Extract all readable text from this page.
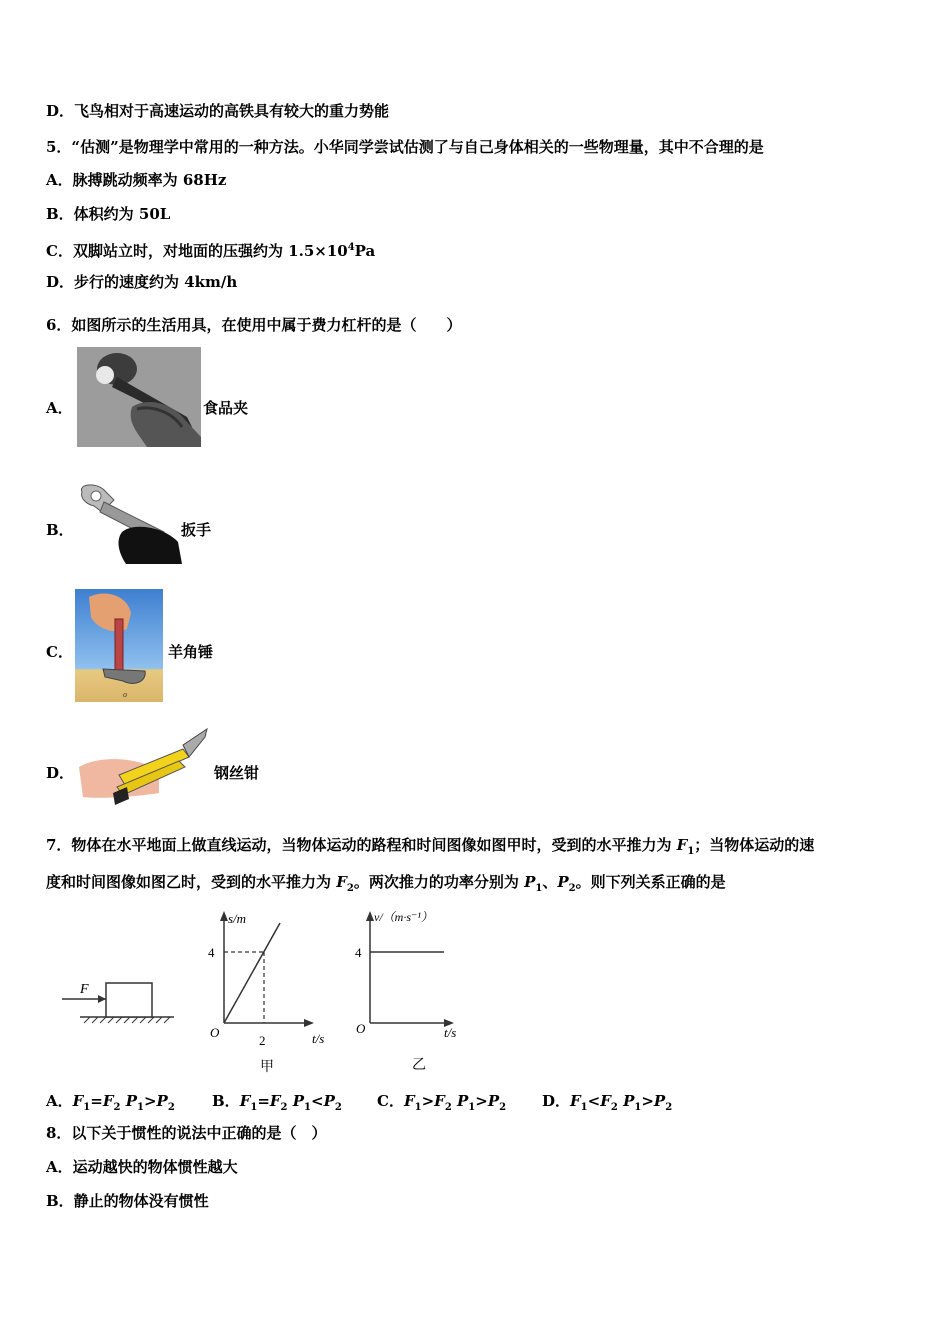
D．飞鸟相对于高速运动的高铁具有较大的重力势能
5．“估测”是物理学中常用的一种方法。小华同学尝试估测了与自己身体相关的一些物理量，其中不合理的是
A．脉搏跳动频率为 68Hz
B．体积约为 50L
C．双脚站立时，对地面的压强约为 $1.5\times 10^4Pa$
D．步行的速度约为 4km/h
6．如图所示的生活用具，在使用中属于费力杠杆的是（　　）
A．	食品夹
B．	扳手
C．
o
羊角锤
D．	钢丝钳
7．物体在水平地面上做直线运动，当物体运动的路程和时间图像如图甲时，受到的水平推力为 $F_1$；当物体运动的速
度和时间图像如图乙时，受到的水平推力为 $F_2$。两次推力的功率分别为 $P_1$、$P_2$。则下列关系正确的是
F
s/m
4
O
2	t/s
甲
v/（m·s⁻¹）
4
O	t/s
乙
A．$F_1=F_2$ $P_1>P_2$ B．$F_1=F_2$ $P_1<P_2$ C．$F_1>F_2$ $P_1>P_2$ D．$F_1<F_2$ $P_1>P_2$
8．以下关于惯性的说法中正确的是（　）
A．运动越快的物体惯性越大
B．静止的物体没有惯性
